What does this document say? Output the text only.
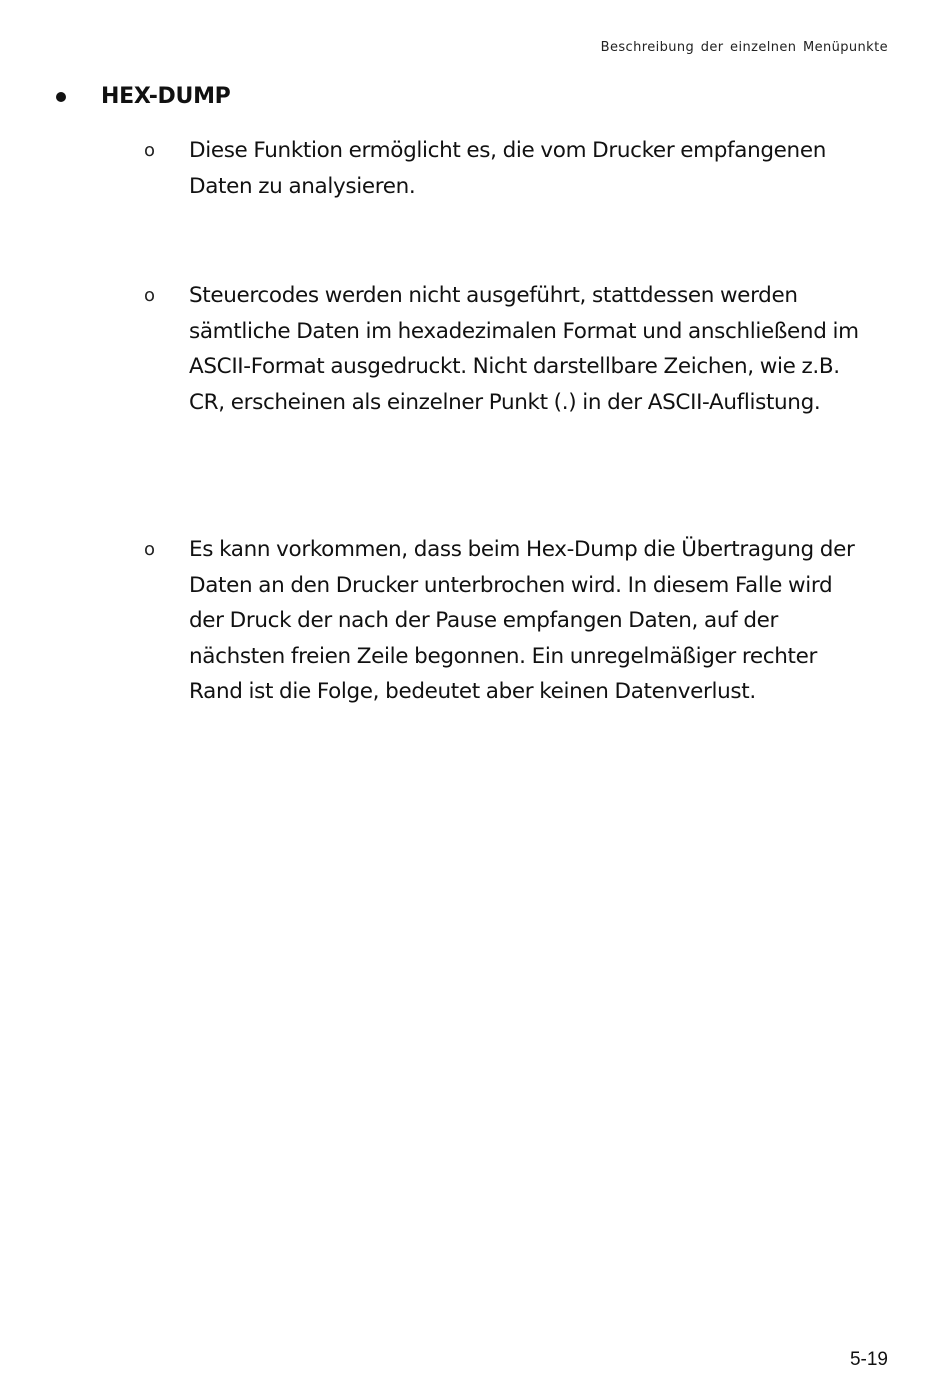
Beschreibung der einzelnen Menüpunkte
HEX-DUMP
o	Diese Funktion ermöglicht es, die vom Drucker empfangenen Daten zu analysieren.
o	Steuercodes werden nicht ausgeführt, stattdessen werden sämtliche Daten im hexadezimalen Format und anschließend im ASCII-Format ausgedruckt. Nicht darstellbare Zeichen, wie z.B. CR, erscheinen als einzelner Punkt (.) in der ASCII-Auflistung.
o	Es kann vorkommen, dass beim Hex-Dump die Übertragung der Daten an den Drucker unterbrochen wird. In diesem Falle wird der Druck der nach der Pause empfangen Daten, auf der nächsten freien Zeile begonnen. Ein unregelmäßiger rechter Rand ist die Folge, bedeutet aber keinen Datenverlust.
5-19
